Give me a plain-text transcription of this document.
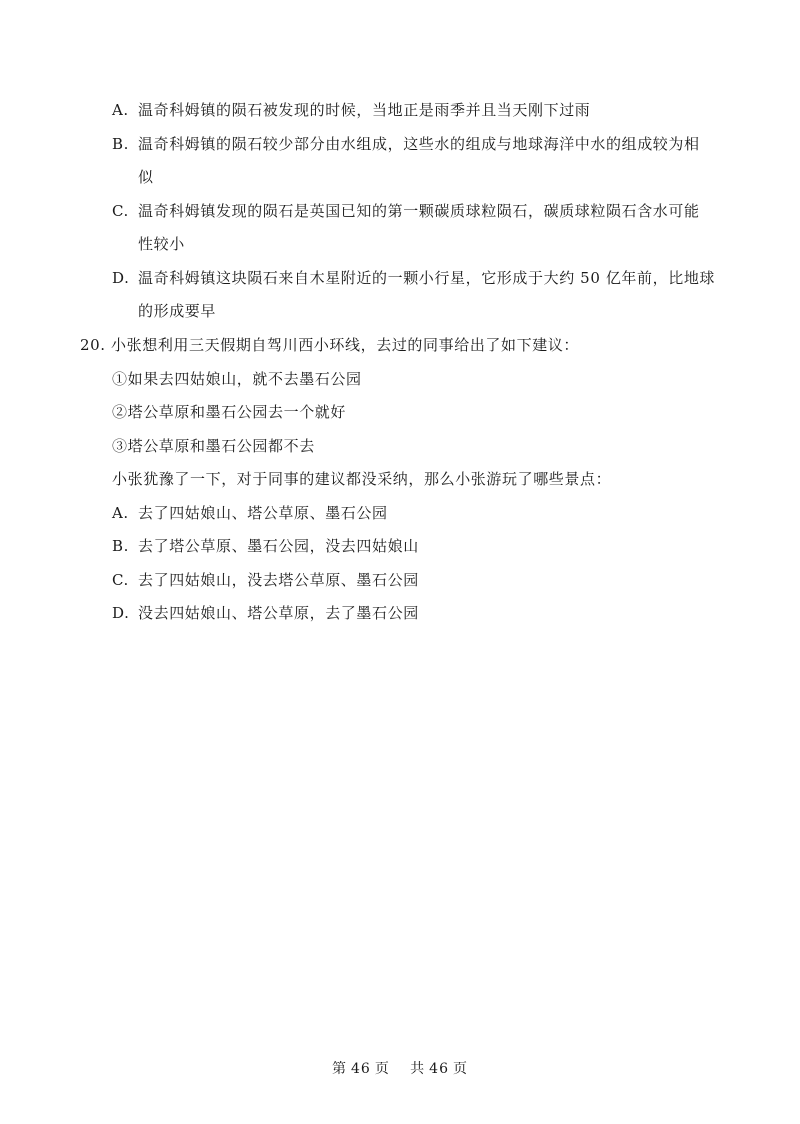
A. 温奇科姆镇的陨石被发现的时候，当地正是雨季并且当天刚下过雨
B. 温奇科姆镇的陨石较少部分由水组成，这些水的组成与地球海洋中水的组成较为相
似
C. 温奇科姆镇发现的陨石是英国已知的第一颗碳质球粒陨石，碳质球粒陨石含水可能
性较小
D. 温奇科姆镇这块陨石来自木星附近的一颗小行星，它形成于大约 50 亿年前，比地球
的形成要早
20. 小张想利用三天假期自驾川西小环线，去过的同事给出了如下建议：
①如果去四姑娘山，就不去墨石公园
②塔公草原和墨石公园去一个就好
③塔公草原和墨石公园都不去
小张犹豫了一下，对于同事的建议都没采纳，那么小张游玩了哪些景点：
A. 去了四姑娘山、塔公草原、墨石公园
B. 去了塔公草原、墨石公园，没去四姑娘山
C. 去了四姑娘山，没去塔公草原、墨石公园
D. 没去四姑娘山、塔公草原，去了墨石公园
第 46 页 共 46 页
